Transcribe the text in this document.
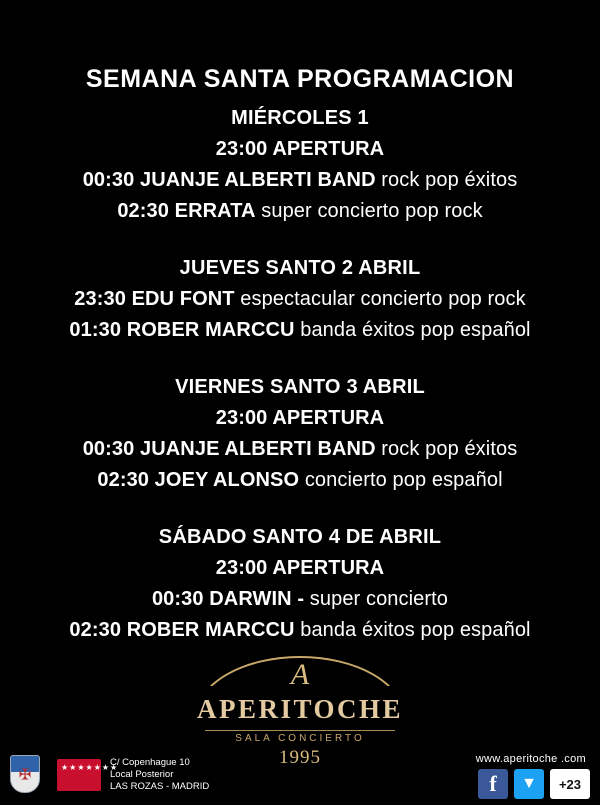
SEMANA SANTA PROGRAMACION
MIÉRCOLES 1
23:00 APERTURA
00:30 JUANJE ALBERTI BAND rock pop éxitos
02:30 ERRATA super concierto pop rock
JUEVES SANTO 2 ABRIL
23:30 EDU FONT espectacular concierto pop rock
01:30 ROBER MARCCU banda éxitos pop español
VIERNES SANTO 3 ABRIL
23:00 APERTURA
00:30 JUANJE ALBERTI BAND rock pop éxitos
02:30 JOEY ALONSO concierto pop español
SÁBADO SANTO 4 DE ABRIL
23:00 APERTURA
00:30 DARWIN - super concierto
02:30 ROBER MARCCU banda éxitos pop español
A
APERITOCHE
SALA CONCIERTO
1995
✠	★★★★★★★
C/ Copenhague 10
Local Posterior
LAS ROZAS - MADRID
www.aperitoche .com
f	▼	+23
